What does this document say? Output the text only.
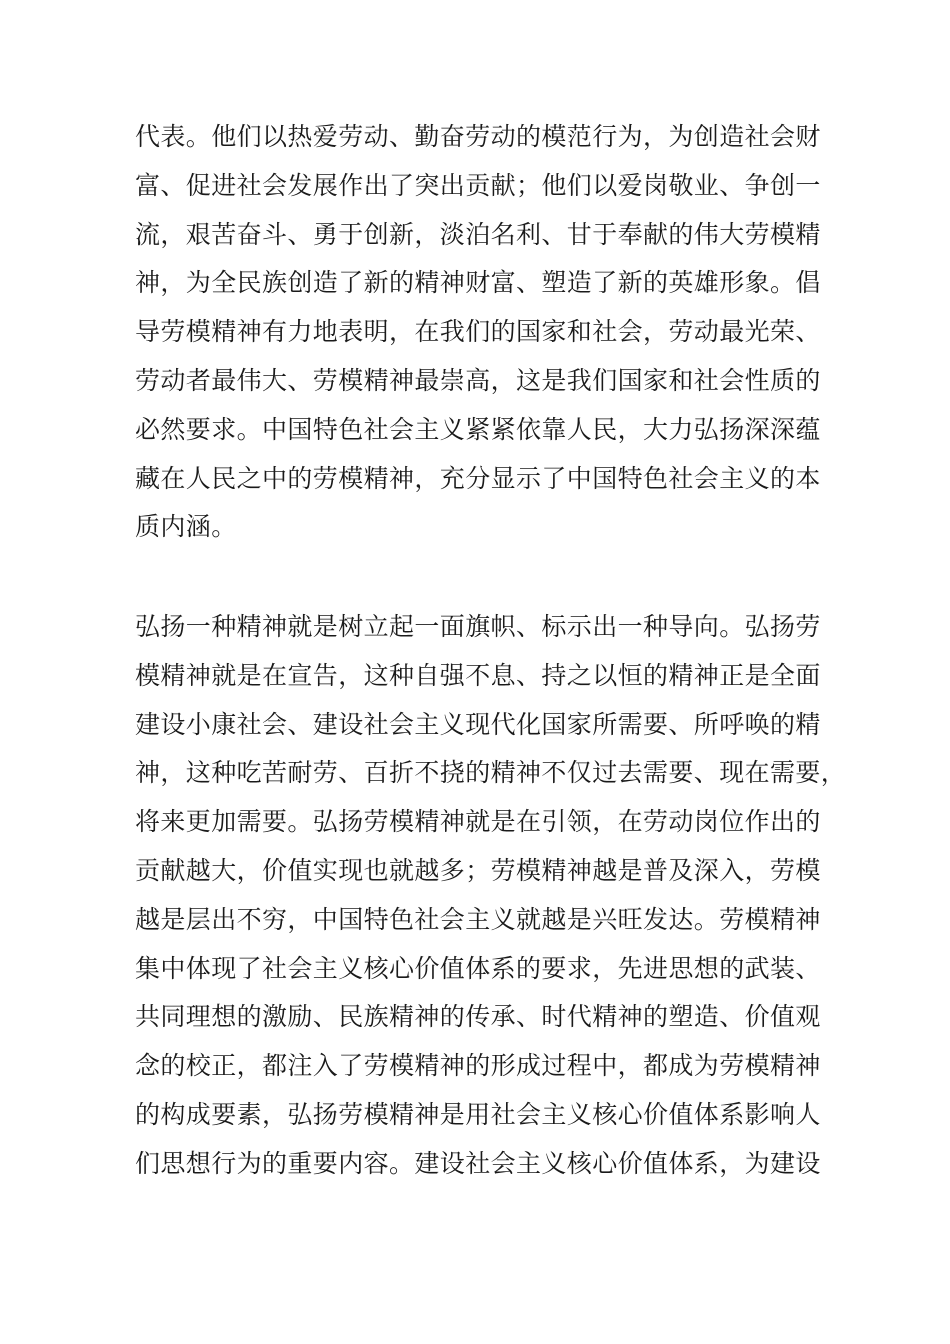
代表。他们以热爱劳动、勤奋劳动的模范行为，为创造社会财
富、促进社会发展作出了突出贡献；他们以爱岗敬业、争创一
流，艰苦奋斗、勇于创新，淡泊名利、甘于奉献的伟大劳模精
神，为全民族创造了新的精神财富、塑造了新的英雄形象。倡
导劳模精神有力地表明，在我们的国家和社会，劳动最光荣、
劳动者最伟大、劳模精神最崇高，这是我们国家和社会性质的
必然要求。中国特色社会主义紧紧依靠人民，大力弘扬深深蕴
藏在人民之中的劳模精神，充分显示了中国特色社会主义的本
质内涵。
弘扬一种精神就是树立起一面旗帜、标示出一种导向。弘扬劳
模精神就是在宣告，这种自强不息、持之以恒的精神正是全面
建设小康社会、建设社会主义现代化国家所需要、所呼唤的精
神，这种吃苦耐劳、百折不挠的精神不仅过去需要、现在需要，
将来更加需要。弘扬劳模精神就是在引领，在劳动岗位作出的
贡献越大，价值实现也就越多；劳模精神越是普及深入，劳模
越是层出不穷，中国特色社会主义就越是兴旺发达。劳模精神
集中体现了社会主义核心价值体系的要求，先进思想的武装、
共同理想的激励、民族精神的传承、时代精神的塑造、价值观
念的校正，都注入了劳模精神的形成过程中，都成为劳模精神
的构成要素，弘扬劳模精神是用社会主义核心价值体系影响人
们思想行为的重要内容。建设社会主义核心价值体系，为建设
